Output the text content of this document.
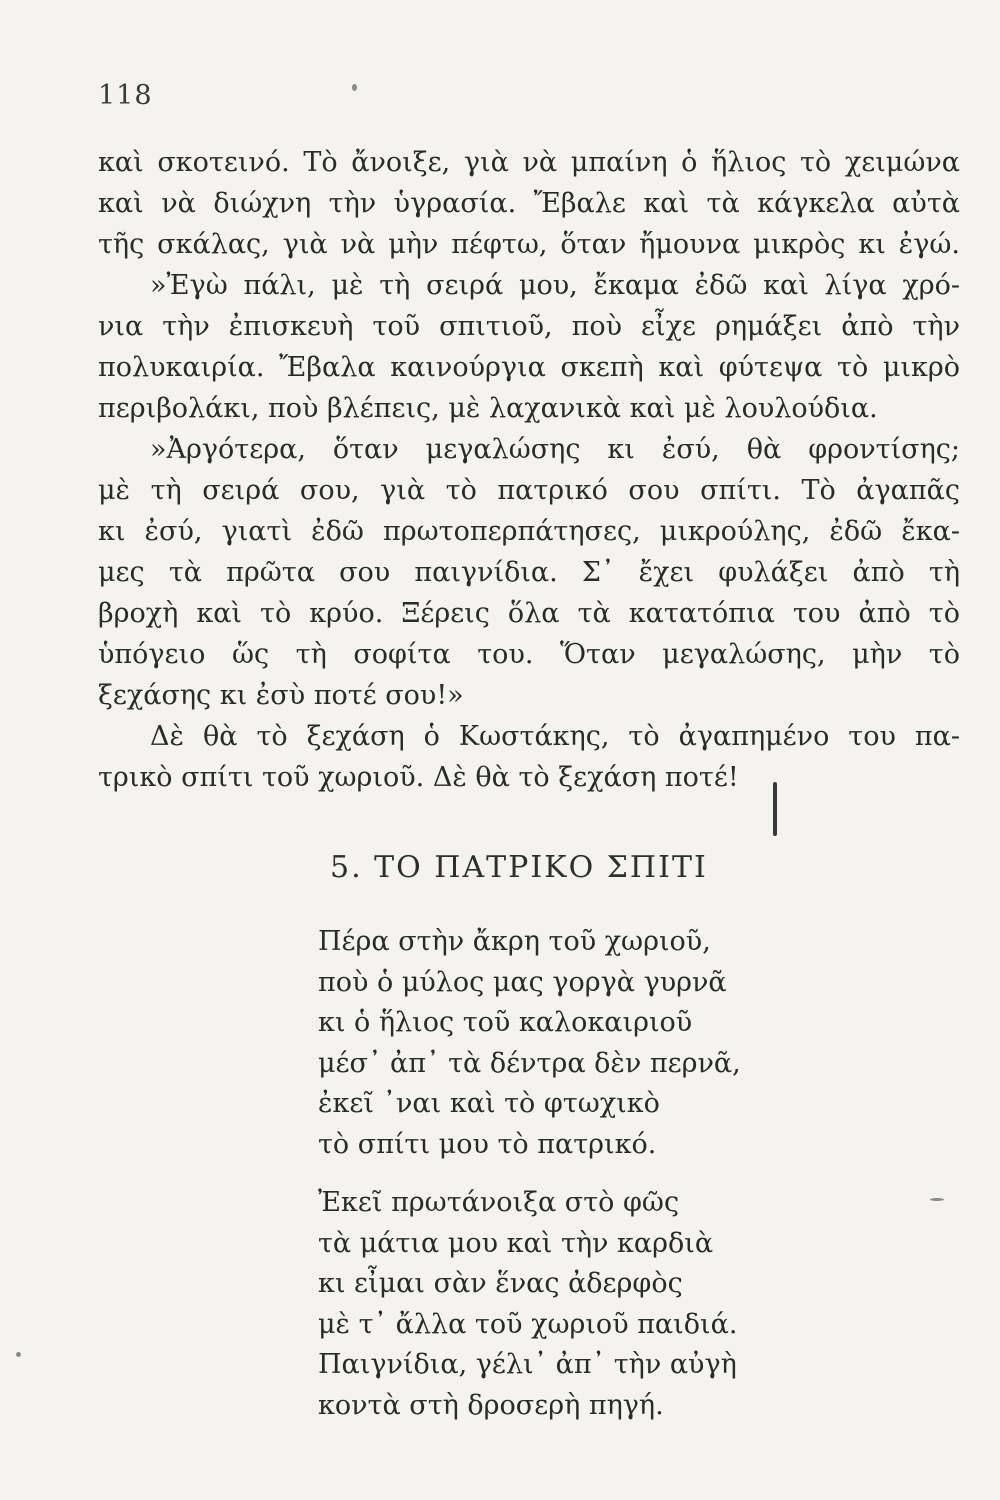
118
καὶ σκοτεινό. Τὸ ἄνοιξε, γιὰ νὰ μπαίνη ὁ ἥλιος τὸ χειμώνα
καὶ νὰ διώχνη τὴν ὑγρασία. Ἔβαλε καὶ τὰ κάγκελα αὐτὰ
τῆς σκάλας, γιὰ νὰ μὴν πέφτω, ὅταν ἤμουνα μικρὸς κι ἐγώ.
»Ἐγὼ πάλι, μὲ τὴ σειρά μου, ἔκαμα ἐδῶ καὶ λίγα χρό-
νια τὴν ἐπισκευὴ τοῦ σπιτιοῦ, ποὺ εἶχε ρημάξει ἀπὸ τὴν
πολυκαιρία. Ἔβαλα καινούργια σκεπὴ καὶ φύτεψα τὸ μικρὸ
περιβολάκι, ποὺ βλέπεις, μὲ λαχανικὰ καὶ μὲ λουλούδια.
»Ἀργότερα, ὅταν μεγαλώσης κι ἐσύ, θὰ φροντίσης;
μὲ τὴ σειρά σου, γιὰ τὸ πατρικό σου σπίτι. Τὸ ἀγαπᾶς
κι ἐσύ, γιατὶ ἐδῶ πρωτοπερπάτησες, μικρούλης, ἐδῶ ἔκα-
μες τὰ πρῶτα σου παιγνίδια. Σ᾿ ἔχει φυλάξει ἀπὸ τὴ
βροχὴ καὶ τὸ κρύο. Ξέρεις ὅλα τὰ κατατόπια του ἀπὸ τὸ
ὑπόγειο ὥς τὴ σοφίτα του. Ὅταν μεγαλώσης, μὴν τὸ
ξεχάσης κι ἐσὺ ποτέ σου!»
Δὲ θὰ τὸ ξεχάση ὁ Κωστάκης, τὸ ἀγαπημένο του πα-
τρικὸ σπίτι τοῦ χωριοῦ. Δὲ θὰ τὸ ξεχάση ποτέ!
5. ΤΟ ΠΑΤΡΙΚΟ ΣΠΙΤΙ
Πέρα στὴν ἄκρη τοῦ χωριοῦ,
ποὺ ὁ μύλος μας γοργὰ γυρνᾶ
κι ὁ ἥλιος τοῦ καλοκαιριοῦ
μέσ᾿ ἀπ᾿ τὰ δέντρα δὲν περνᾶ,
ἐκεῖ ᾿ναι καὶ τὸ φτωχικὸ
τὸ σπίτι μου τὸ πατρικό.
Ἐκεῖ πρωτάνοιξα στὸ φῶς
τὰ μάτια μου καὶ τὴν καρδιὰ
κι εἶμαι σὰν ἕνας ἀδερφὸς
μὲ τ᾿ ἄλλα τοῦ χωριοῦ παιδιά.
Παιγνίδια, γέλι᾿ ἀπ᾿ τὴν αὐγὴ
κοντὰ στὴ δροσερὴ πηγή.
